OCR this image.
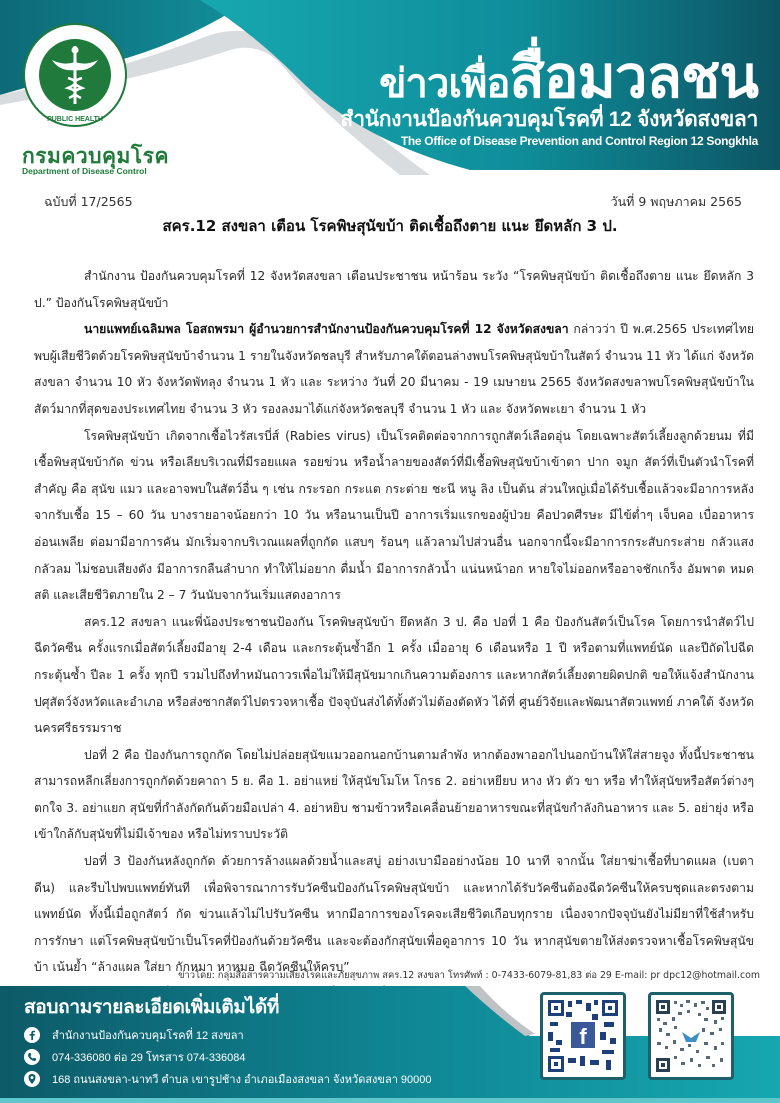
PUBLIC HEALTH
กรมควบคุมโรค
Department of Disease Control
ข่าวเพื่อสื่อมวลชน
สำนักงานป้องกันควบคุมโรคที่ 12 จังหวัดสงขลา
The Office of Disease Prevention and Control Region 12 Songkhla
ฉบับที่ 17/2565	วันที่ 9 พฤษภาคม 2565
สคร.12 สงขลา เตือน โรคพิษสุนัขบ้า ติดเชื้อถึงตาย แนะ ยึดหลัก 3 ป.

สำนักงาน ป้องกันควบคุมโรคที่ 12 จังหวัดสงขลา เตือนประชาชน หน้าร้อน ระวัง “โรคพิษสุนัขบ้า ติดเชื้อถึงตาย แนะ ยึดหลัก 3 ป.” ป้องกันโรคพิษสุนัขบ้า

นายแพทย์เฉลิมพล โอสถพรมา ผู้อำนวยการสำนักงานป้องกันควบคุมโรคที่ 12 จังหวัดสงขลา กล่าวว่า ปี พ.ศ.2565 ประเทศไทยพบผู้เสียชีวิตด้วยโรคพิษสุนัขบ้าจำนวน 1 รายในจังหวัดชลบุรี สำหรับภาคใต้ตอนล่างพบโรคพิษสุนัขบ้าในสัตว์ จำนวน 11 หัว ได้แก่ จังหวัดสงขลา จำนวน 10 หัว จังหวัดพัทลุง จำนวน 1 หัว และ ระหว่าง วันที่ 20 มีนาคม - 19 เมษายน 2565 จังหวัดสงขลาพบโรคพิษสุนัขบ้าในสัตว์มากที่สุดของประเทศไทย จำนวน 3 หัว รองลงมาได้แก่จังหวัดชลบุรี จำนวน 1 หัว และ จังหวัดพะเยา จำนวน 1 หัว

โรคพิษสุนัขบ้า เกิดจากเชื้อไวรัสเรบี่ส์ (Rabies virus) เป็นโรคติดต่อจากการถูกสัตว์เลือดอุ่น โดยเฉพาะสัตว์เลี้ยงลูกด้วยนม ที่มีเชื้อพิษสุนัขบ้ากัด ข่วน หรือเลียบริเวณที่มีรอยแผล รอยข่วน หรือน้ำลายของสัตว์ที่มีเชื้อพิษสุนัขบ้าเข้าตา ปาก จมูก สัตว์ที่เป็นตัวนำโรคที่สำคัญ คือ สุนัข แมว และอาจพบในสัตว์อื่น ๆ เช่น กระรอก กระแต กระต่าย ชะนี หนู ลิง เป็นต้น ส่วนใหญ่เมื่อได้รับเชื้อแล้วจะมีอาการหลังจากรับเชื้อ 15 – 60 วัน บางรายอาจน้อยกว่า 10 วัน หรือนานเป็นปี อาการเริ่มแรกของผู้ป่วย คือปวดศีรษะ มีไข้ต่ำๆ เจ็บคอ เบื่ออาหาร อ่อนเพลีย ต่อมามีอาการคัน มักเริ่มจากบริเวณแผลที่ถูกกัด แสบๆ ร้อนๆ แล้วลามไปส่วนอื่น นอกจากนี้จะมีอาการกระสับกระส่าย กลัวแสงกลัวลม ไม่ชอบเสียงดัง มีอาการกลืนลำบาก ทำให้ไม่อยาก ดื่มน้ำ มีอาการกลัวน้ำ แน่นหน้าอก หายใจไม่ออกหรืออาจชักเกร็ง อัมพาต หมดสติ และเสียชีวิตภายใน 2 – 7 วันนับจากวันเริ่มแสดงอาการ

สคร.12 สงขลา แนะพี่น้องประชาชนป้องกัน โรคพิษสุนัขบ้า ยึดหลัก 3 ป. คือ ปอที่ 1 คือ ป้องกันสัตว์เป็นโรค โดยการนำสัตว์ไปฉีดวัคซีน ครั้งแรกเมื่อสัตว์เลี้ยงมีอายุ 2-4 เดือน และกระตุ้นซ้ำอีก 1 ครั้ง เมื่ออายุ 6 เดือนหรือ 1 ปี หรือตามที่แพทย์นัด และปีถัดไปฉีดกระตุ้นซ้ำ ปีละ 1 ครั้ง ทุกปี รวมไปถึงทำหมันถาวรเพื่อไม่ให้มีสุนัขมากเกินความต้องการ และหากสัตว์เลี้ยงตายผิดปกติ ขอให้แจ้งสำนักงานปศุสัตว์จังหวัดและอำเภอ หรือส่งซากสัตว์ไปตรวจหาเชื้อ ปัจจุบันส่งได้ทั้งตัวไม่ต้องตัดหัว ได้ที่ ศูนย์วิจัยและพัฒนาสัตวแพทย์ ภาคใต้ จังหวัดนครศรีธรรมราช

ปอที่ 2 คือ ป้องกันการถูกกัด โดยไม่ปล่อยสุนัขแมวออกนอกบ้านตามลำพัง หากต้องพาออกไปนอกบ้านให้ใส่สายจูง ทั้งนี้ประชาชนสามารถหลีกเลี่ยงการถูกกัดด้วยคาถา 5 ย. คือ 1. อย่าแหย่ ให้สุนัขโมโห โกรธ 2. อย่าเหยียบ หาง หัว ตัว ขา หรือ ทำให้สุนัขหรือสัตว์ต่างๆ ตกใจ 3. อย่าแยก สุนัขที่กำลังกัดกันด้วยมือเปล่า 4. อย่าหยิบ ชามข้าวหรือเคลื่อนย้ายอาหารขณะที่สุนัขกำลังกินอาหาร และ 5. อย่ายุ่ง หรือเข้าใกล้กับสุนัขที่ไม่มีเจ้าของ หรือไม่ทราบประวัติ

ปอที่ 3 ป้องกันหลังถูกกัด ด้วยการล้างแผลด้วยน้ำและสบู่ อย่างเบามืออย่างน้อย 10 นาที จากนั้น ใส่ยาฆ่าเชื้อที่บาดแผล (เบตาดีน) และรีบไปพบแพทย์ทันที เพื่อพิจารณาการรับวัคซีนป้องกันโรคพิษสุนัขบ้า และหากได้รับวัคซีนต้องฉีดวัคซีนให้ครบชุดและตรงตามแพทย์นัด ทั้งนี้เมื่อถูกสัตว์ กัด ข่วนแล้วไม่ไปรับวัคซีน หากมีอาการของโรคจะเสียชีวิตเกือบทุกราย เนื่องจากปัจจุบันยังไม่มียาที่ใช้สำหรับการรักษา แต่โรคพิษสุนัขบ้าเป็นโรคที่ป้องกันด้วยวัคซีน และจะต้องกักสุนัขเพื่อดูอาการ 10 วัน หากสุนัขตายให้ส่งตรวจหาเชื้อโรคพิษสุนัขบ้า เน้นย้ำ “ล้างแผล ใส่ยา กักหมา หาหมอ ฉีดวัคซีนให้ครบ”

ข่าวโดย: กลุ่มสื่อสารความเสี่ยงโรคและภัยสุขภาพ สคร.12 สงขลา โทรศัพท์ : 0-7433-6079-81,83 ต่อ 29 E-mail: pr dpc12@hotmail.com
สอบถามรายละเอียดเพิ่มเติมได้ที่
สำนักงานป้องกันควบคุมโรคที่ 12 สงขลา
074-336080 ต่อ 29 โทรสาร 074-336084
168 ถนนสงขลา-นาทวี ตำบล เขารูปช้าง อำเภอเมืองสงขลา จังหวัดสงขลา 90000
f
